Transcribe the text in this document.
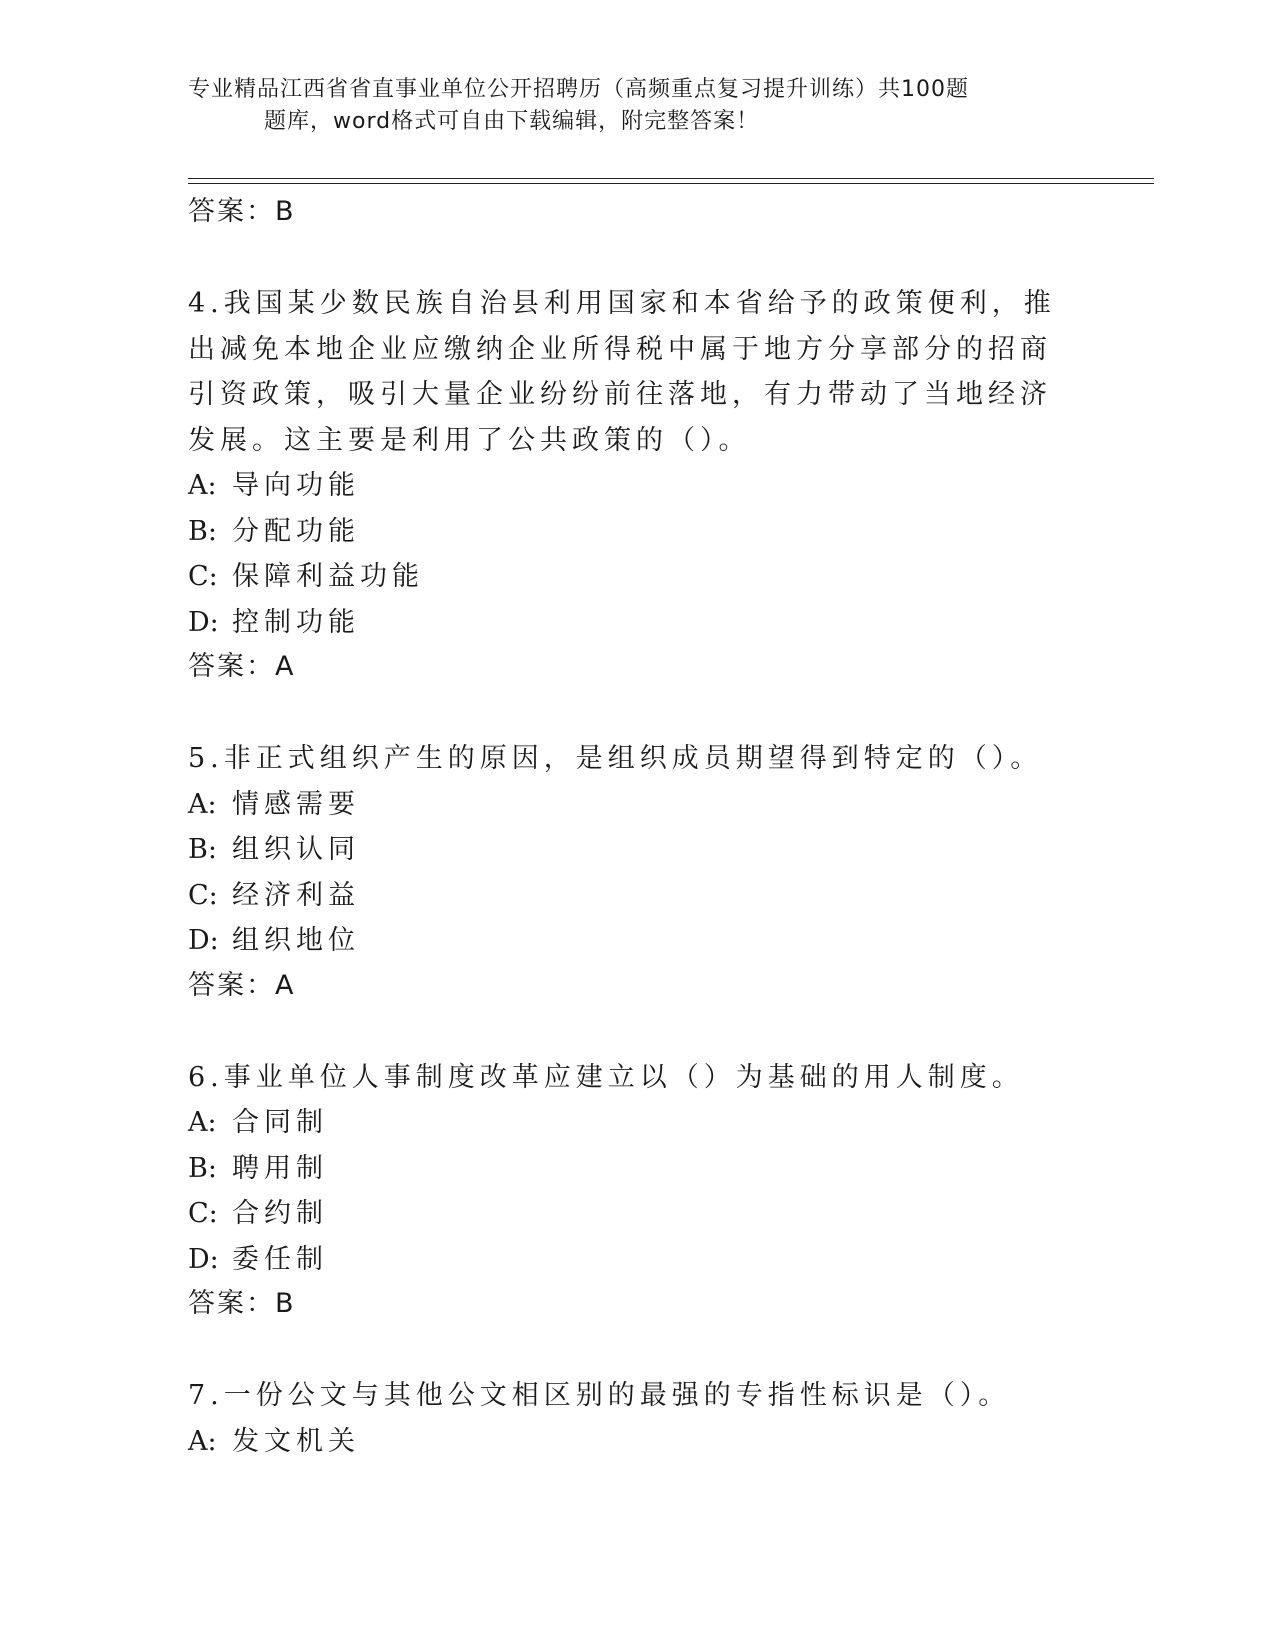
专业精品江西省省直事业单位公开招聘历（高频重点复习提升训练）共100题
题库，word格式可自由下载编辑，附完整答案！
答案：B
4.我国某少数民族自治县利用国家和本省给予的政策便利，推出减免本地企业应缴纳企业所得税中属于地方分享部分的招商引资政策，吸引大量企业纷纷前往落地，有力带动了当地经济发展。这主要是利用了公共政策的（）。
A: 导向功能
B: 分配功能
C: 保障利益功能
D: 控制功能
答案：A
5.非正式组织产生的原因，是组织成员期望得到特定的（）。
A: 情感需要
B: 组织认同
C: 经济利益
D: 组织地位
答案：A
6.事业单位人事制度改革应建立以（）为基础的用人制度。
A: 合同制
B: 聘用制
C: 合约制
D: 委任制
答案：B
7.一份公文与其他公文相区别的最强的专指性标识是（）。
A: 发文机关
